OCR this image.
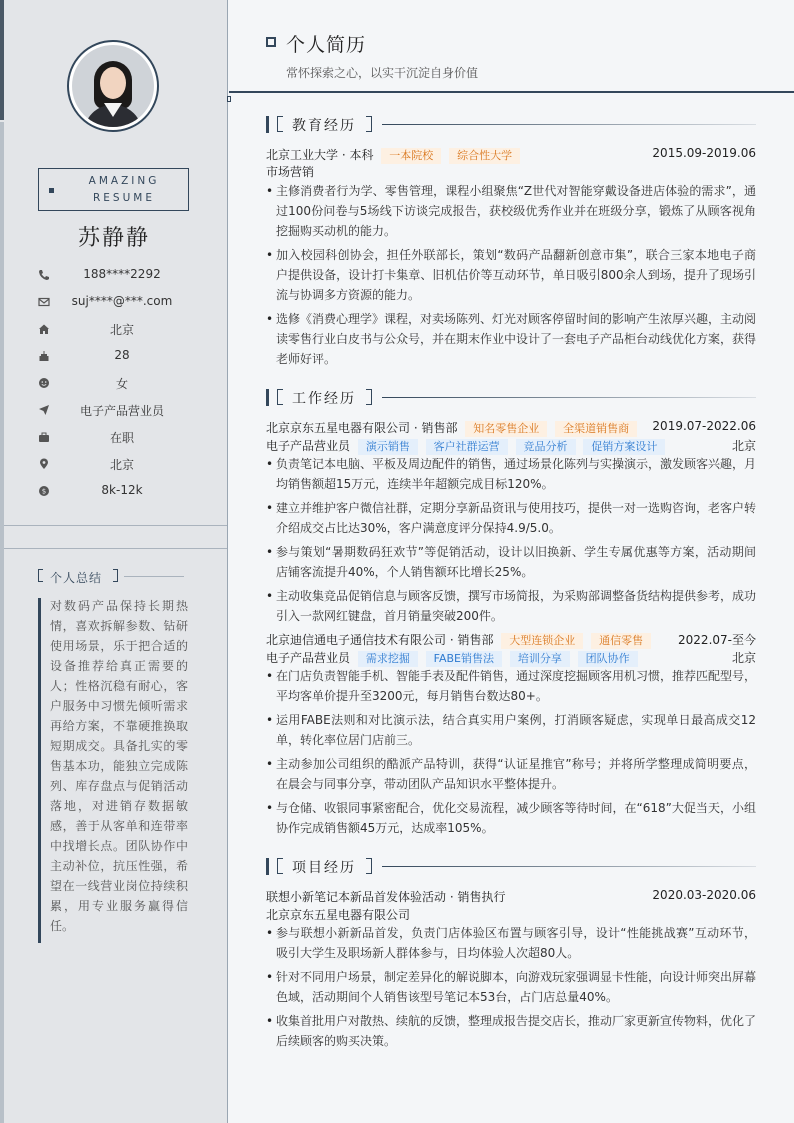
AMAZING RESUME
苏静静
188****2292
suj****@***.com
北京
28
女
电子产品营业员
在职
北京
$	8k-12k
个人总结
对数码产品保持长期热情，喜欢拆解参数、钻研使用场景，乐于把合适的设备推荐给真正需要的人；性格沉稳有耐心，客户服务中习惯先倾听需求再给方案，不靠硬推换取短期成交。具备扎实的零售基本功，能独立完成陈列、库存盘点与促销活动落地，对进销存数据敏感，善于从客单和连带率中找增长点。团队协作中主动补位，抗压性强，希望在一线营业岗位持续积累，用专业服务赢得信任。
个人简历
常怀探索之心，以实干沉淀自身价值
教育经历
北京工业大学 · 本科 一本院校 综合性大学	2015.09-2019.06
市场营销
• 主修消费者行为学、零售管理，课程小组聚焦“Z世代对智能穿戴设备进店体验的需求”，通过100份问卷与5场线下访谈完成报告，获校级优秀作业并在班级分享，锻炼了从顾客视角挖掘购买动机的能力。
• 加入校园科创协会，担任外联部长，策划“数码产品翻新创意市集”，联合三家本地电子商户提供设备，设计打卡集章、旧机估价等互动环节，单日吸引800余人到场，提升了现场引流与协调多方资源的能力。
• 选修《消费心理学》课程，对卖场陈列、灯光对顾客停留时间的影响产生浓厚兴趣，主动阅读零售行业白皮书与公众号，并在期末作业中设计了一套电子产品柜台动线优化方案，获得老师好评。
工作经历
北京京东五星电器有限公司 · 销售部 知名零售企业 全渠道销售商	2019.07-2022.06
电子产品营业员 演示销售 客户社群运营 竞品分析 促销方案设计	北京
• 负责笔记本电脑、平板及周边配件的销售，通过场景化陈列与实操演示，激发顾客兴趣，月均销售额超15万元，连续半年超额完成目标120%。
• 建立并维护客户微信社群，定期分享新品资讯与使用技巧，提供一对一选购咨询，老客户转介绍成交占比达30%，客户满意度评分保持4.9/5.0。
• 参与策划“暑期数码狂欢节”等促销活动，设计以旧换新、学生专属优惠等方案，活动期间店铺客流提升40%，个人销售额环比增长25%。
• 主动收集竞品促销信息与顾客反馈，撰写市场简报，为采购部调整备货结构提供参考，成功引入一款网红键盘，首月销量突破200件。
北京迪信通电子通信技术有限公司 · 销售部 大型连锁企业 通信零售	2022.07-至今
电子产品营业员 需求挖掘 FABE销售法 培训分享 团队协作	北京
• 在门店负责智能手机、智能手表及配件销售，通过深度挖掘顾客用机习惯，推荐匹配型号，平均客单价提升至3200元，每月销售台数达80+。
• 运用FABE法则和对比演示法，结合真实用户案例，打消顾客疑虑，实现单日最高成交12单，转化率位居门店前三。
• 主动参加公司组织的酷派产品特训，获得“认证星推官”称号；并将所学整理成简明要点，在晨会与同事分享，带动团队产品知识水平整体提升。
• 与仓储、收银同事紧密配合，优化交易流程，减少顾客等待时间，在“618”大促当天，小组协作完成销售额45万元，达成率105%。
项目经历
联想小新笔记本新品首发体验活动 · 销售执行	2020.03-2020.06
北京京东五星电器有限公司
• 参与联想小新新品首发，负责门店体验区布置与顾客引导，设计“性能挑战赛”互动环节，吸引大学生及职场新人群体参与，日均体验人次超80人。
• 针对不同用户场景，制定差异化的解说脚本，向游戏玩家强调显卡性能，向设计师突出屏幕色域，活动期间个人销售该型号笔记本53台，占门店总量40%。
• 收集首批用户对散热、续航的反馈，整理成报告提交店长，推动厂家更新宣传物料，优化了后续顾客的购买决策。
